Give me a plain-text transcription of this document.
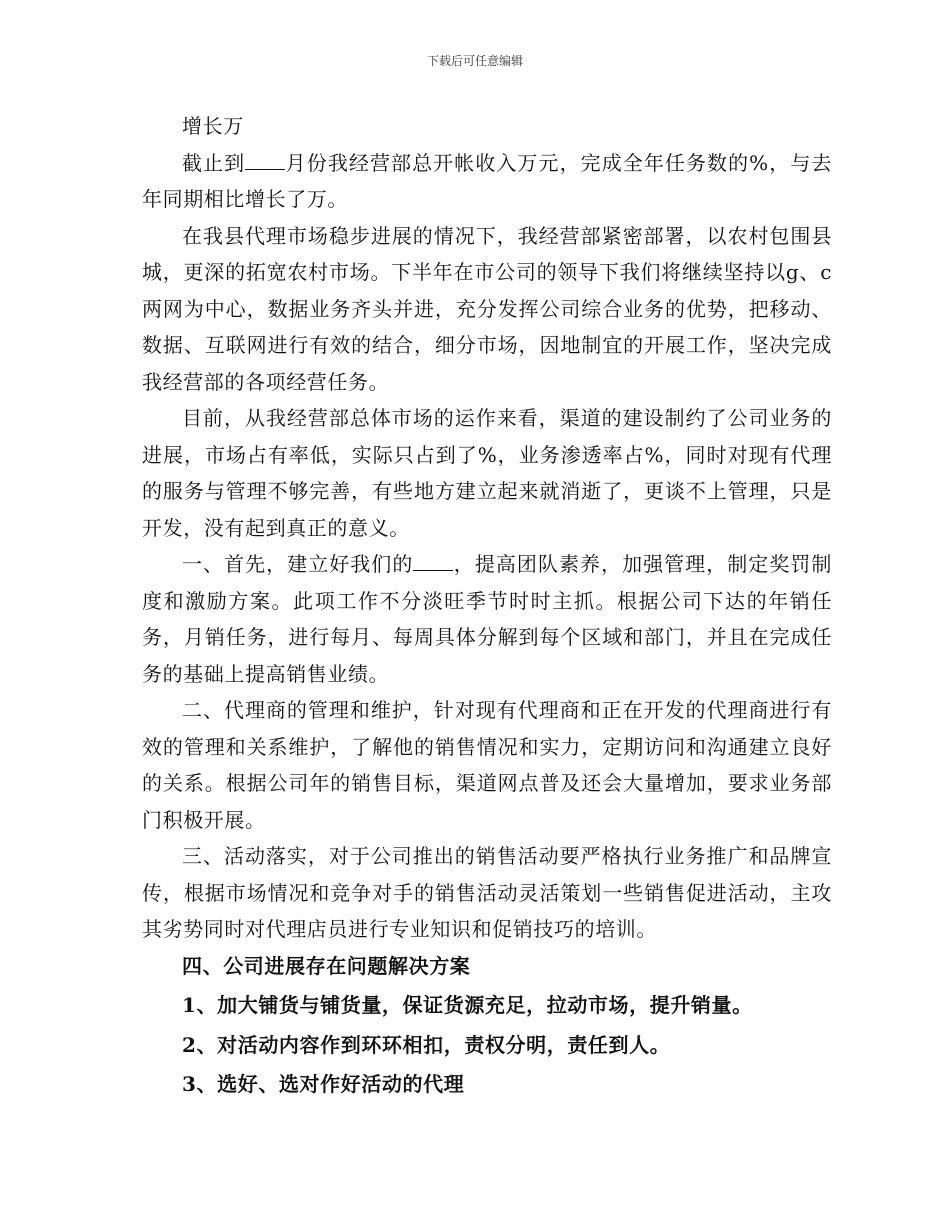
下载后可任意编辑

增长万

截止到 月份我经营部总开帐收入万元，完成全年任务数的%，与去年同期相比增长了万。

在我县代理市场稳步进展的情况下，我经营部紧密部署，以农村包围县城，更深的拓宽农村市场。下半年在市公司的领导下我们将继续坚持以g、c两网为中心，数据业务齐头并进，充分发挥公司综合业务的优势，把移动、数据、互联网进行有效的结合，细分市场，因地制宜的开展工作，坚决完成我经营部的各项经营任务。

目前，从我经营部总体市场的运作来看，渠道的建设制约了公司业务的进展，市场占有率低，实际只占到了%，业务渗透率占%，同时对现有代理的服务与管理不够完善，有些地方建立起来就消逝了，更谈不上管理，只是开发，没有起到真正的意义。

一、首先，建立好我们的 ，提高团队素养，加强管理，制定奖罚制度和激励方案。此项工作不分淡旺季节时时主抓。根据公司下达的年销任务，月销任务，进行每月、每周具体分解到每个区域和部门，并且在完成任务的基础上提高销售业绩。

二、代理商的管理和维护，针对现有代理商和正在开发的代理商进行有效的管理和关系维护，了解他的销售情况和实力，定期访问和沟通建立良好的关系。根据公司年的销售目标，渠道网点普及还会大量增加，要求业务部门积极开展。

三、活动落实，对于公司推出的销售活动要严格执行业务推广和品牌宣传，根据市场情况和竞争对手的销售活动灵活策划一些销售促进活动，主攻其劣势同时对代理店员进行专业知识和促销技巧的培训。

四、公司进展存在问题解决方案

1、加大铺货与铺货量，保证货源充足，拉动市场，提升销量。

2、对活动内容作到环环相扣，责权分明，责任到人。

3、选好、选对作好活动的代理
